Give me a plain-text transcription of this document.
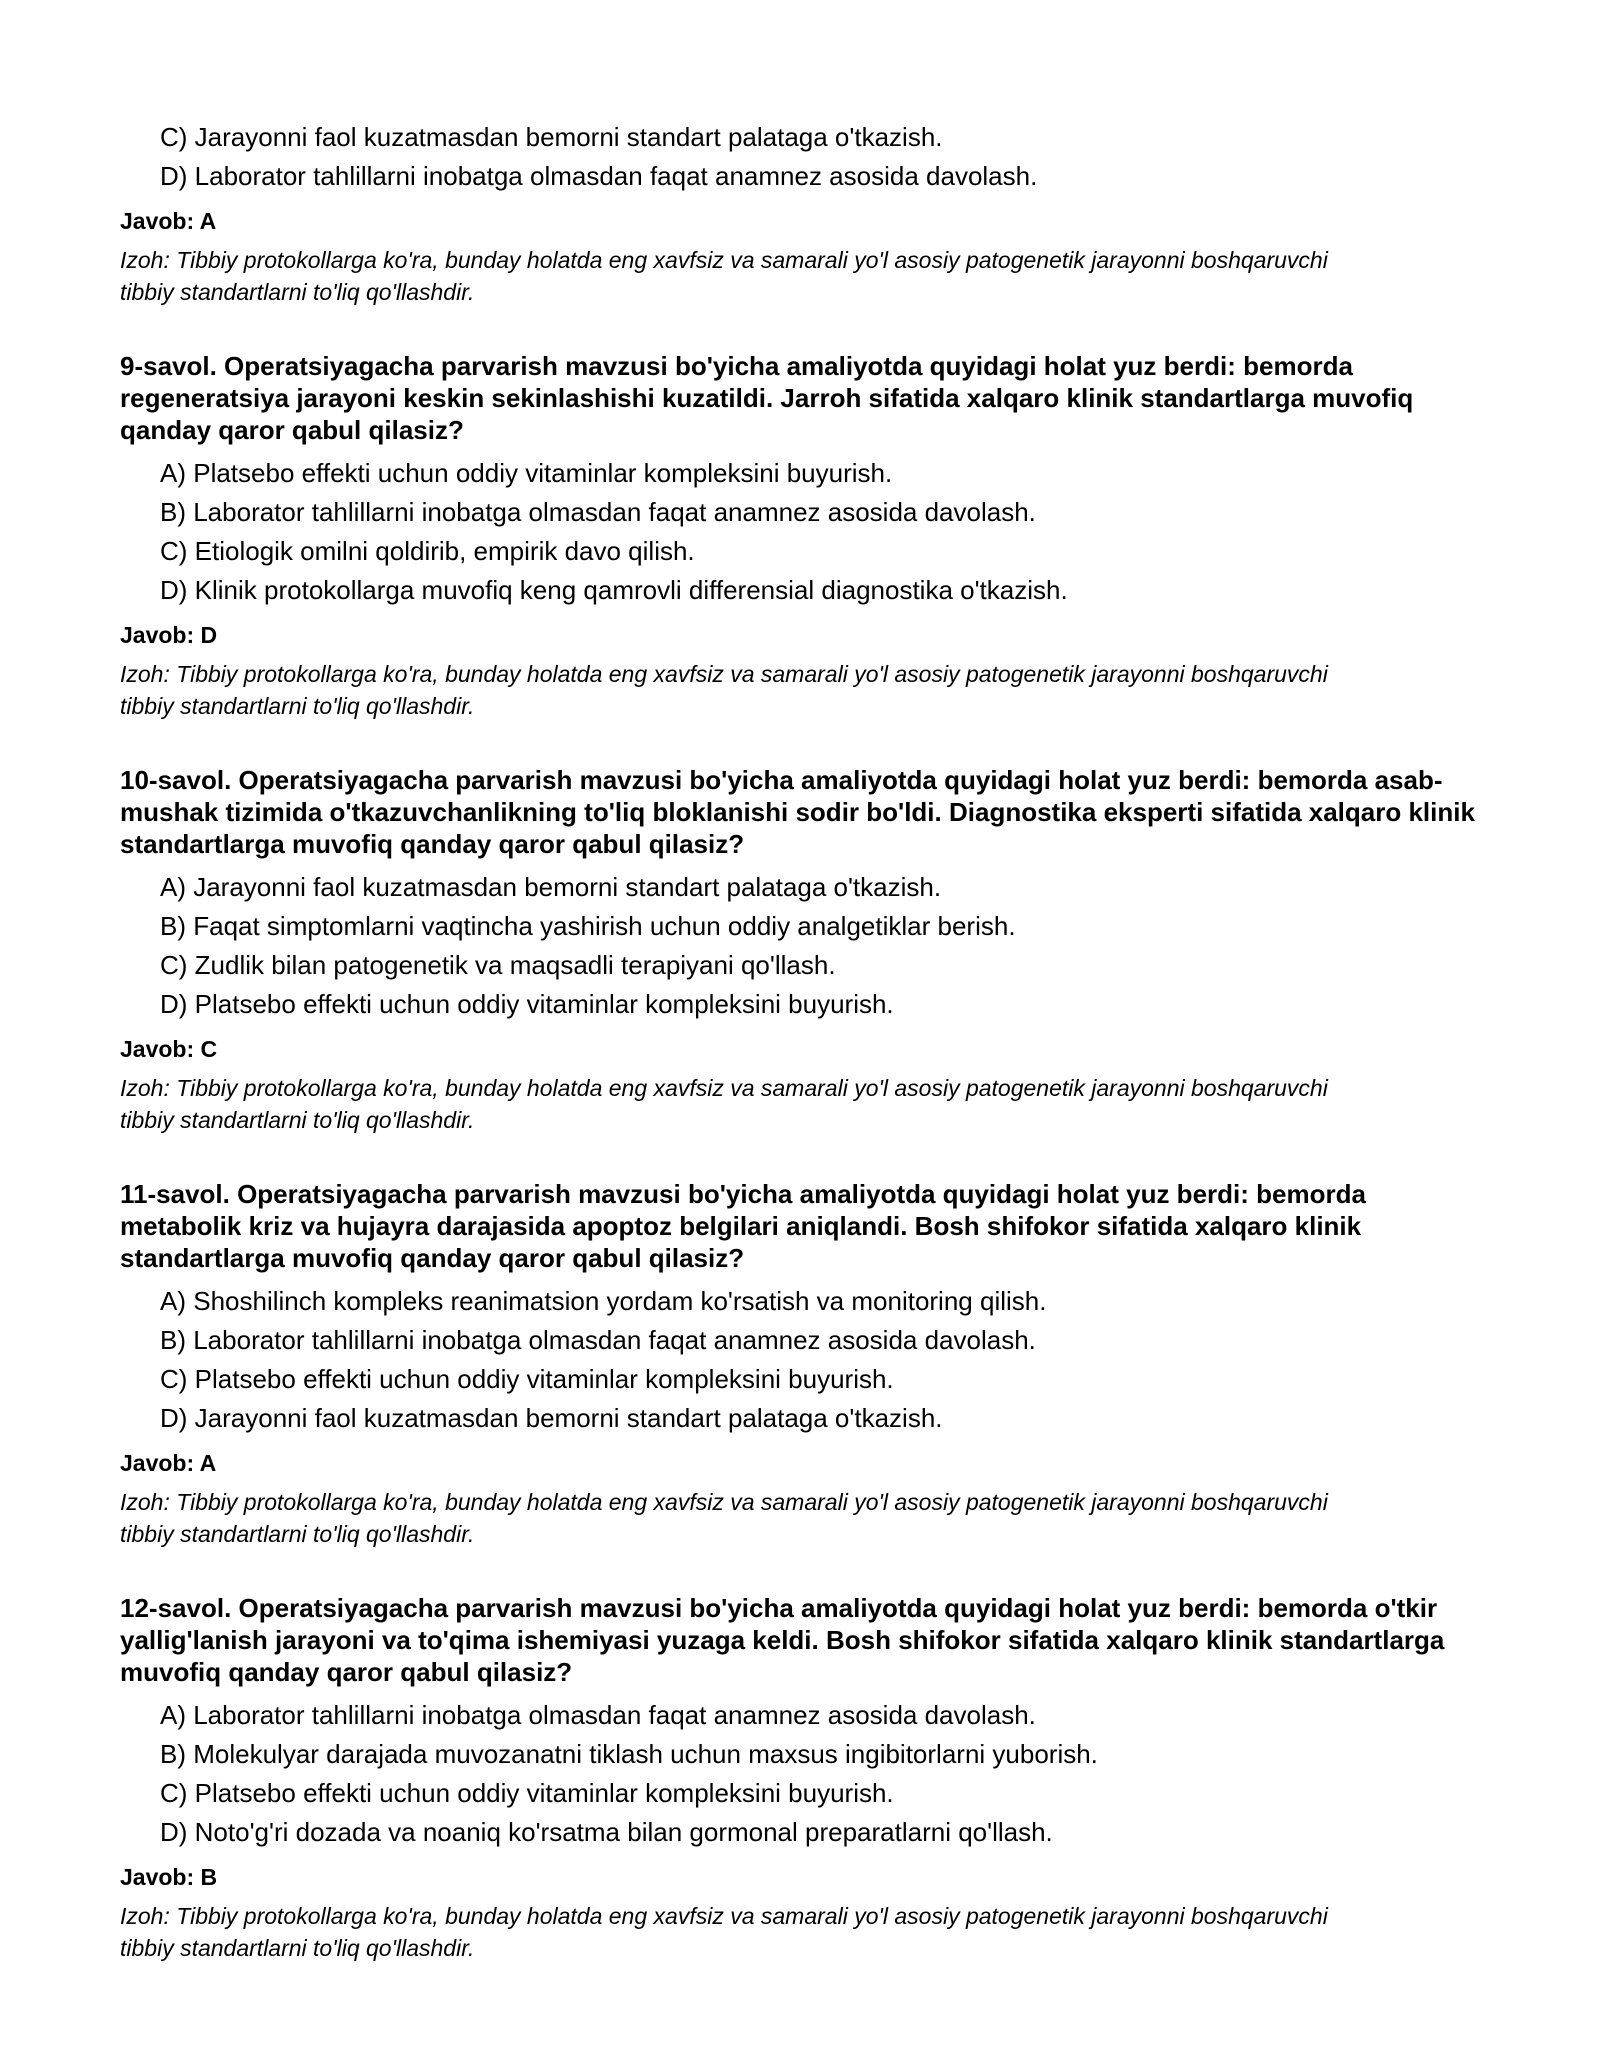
C) Jarayonni faol kuzatmasdan bemorni standart palataga o'tkazish.
D) Laborator tahlillarni inobatga olmasdan faqat anamnez asosida davolash.
Javob: A
Izoh: Tibbiy protokollarga ko'ra, bunday holatda eng xavfsiz va samarali yo'l asosiy patogenetik jarayonni boshqaruvchi tibbiy standartlarni to'liq qo'llashdir.
9-savol. Operatsiyagacha parvarish mavzusi bo'yicha amaliyotda quyidagi holat yuz berdi: bemorda regeneratsiya jarayoni keskin sekinlashishi kuzatildi. Jarroh sifatida xalqaro klinik standartlarga muvofiq qanday qaror qabul qilasiz?
A) Platsebo effekti uchun oddiy vitaminlar kompleksini buyurish.
B) Laborator tahlillarni inobatga olmasdan faqat anamnez asosida davolash.
C) Etiologik omilni qoldirib, empirik davo qilish.
D) Klinik protokollarga muvofiq keng qamrovli differensial diagnostika o'tkazish.
Javob: D
Izoh: Tibbiy protokollarga ko'ra, bunday holatda eng xavfsiz va samarali yo'l asosiy patogenetik jarayonni boshqaruvchi tibbiy standartlarni to'liq qo'llashdir.
10-savol. Operatsiyagacha parvarish mavzusi bo'yicha amaliyotda quyidagi holat yuz berdi: bemorda asab-mushak tizimida o'tkazuvchanlikning to'liq bloklanishi sodir bo'ldi. Diagnostika eksperti sifatida xalqaro klinik standartlarga muvofiq qanday qaror qabul qilasiz?
A) Jarayonni faol kuzatmasdan bemorni standart palataga o'tkazish.
B) Faqat simptomlarni vaqtincha yashirish uchun oddiy analgetiklar berish.
C) Zudlik bilan patogenetik va maqsadli terapiyani qo'llash.
D) Platsebo effekti uchun oddiy vitaminlar kompleksini buyurish.
Javob: C
Izoh: Tibbiy protokollarga ko'ra, bunday holatda eng xavfsiz va samarali yo'l asosiy patogenetik jarayonni boshqaruvchi tibbiy standartlarni to'liq qo'llashdir.
11-savol. Operatsiyagacha parvarish mavzusi bo'yicha amaliyotda quyidagi holat yuz berdi: bemorda metabolik kriz va hujayra darajasida apoptoz belgilari aniqlandi. Bosh shifokor sifatida xalqaro klinik standartlarga muvofiq qanday qaror qabul qilasiz?
A) Shoshilinch kompleks reanimatsion yordam ko'rsatish va monitoring qilish.
B) Laborator tahlillarni inobatga olmasdan faqat anamnez asosida davolash.
C) Platsebo effekti uchun oddiy vitaminlar kompleksini buyurish.
D) Jarayonni faol kuzatmasdan bemorni standart palataga o'tkazish.
Javob: A
Izoh: Tibbiy protokollarga ko'ra, bunday holatda eng xavfsiz va samarali yo'l asosiy patogenetik jarayonni boshqaruvchi tibbiy standartlarni to'liq qo'llashdir.
12-savol. Operatsiyagacha parvarish mavzusi bo'yicha amaliyotda quyidagi holat yuz berdi: bemorda o'tkir yallig'lanish jarayoni va to'qima ishemiyasi yuzaga keldi. Bosh shifokor sifatida xalqaro klinik standartlarga muvofiq qanday qaror qabul qilasiz?
A) Laborator tahlillarni inobatga olmasdan faqat anamnez asosida davolash.
B) Molekulyar darajada muvozanatni tiklash uchun maxsus ingibitorlarni yuborish.
C) Platsebo effekti uchun oddiy vitaminlar kompleksini buyurish.
D) Noto'g'ri dozada va noaniq ko'rsatma bilan gormonal preparatlarni qo'llash.
Javob: B
Izoh: Tibbiy protokollarga ko'ra, bunday holatda eng xavfsiz va samarali yo'l asosiy patogenetik jarayonni boshqaruvchi tibbiy standartlarni to'liq qo'llashdir.
